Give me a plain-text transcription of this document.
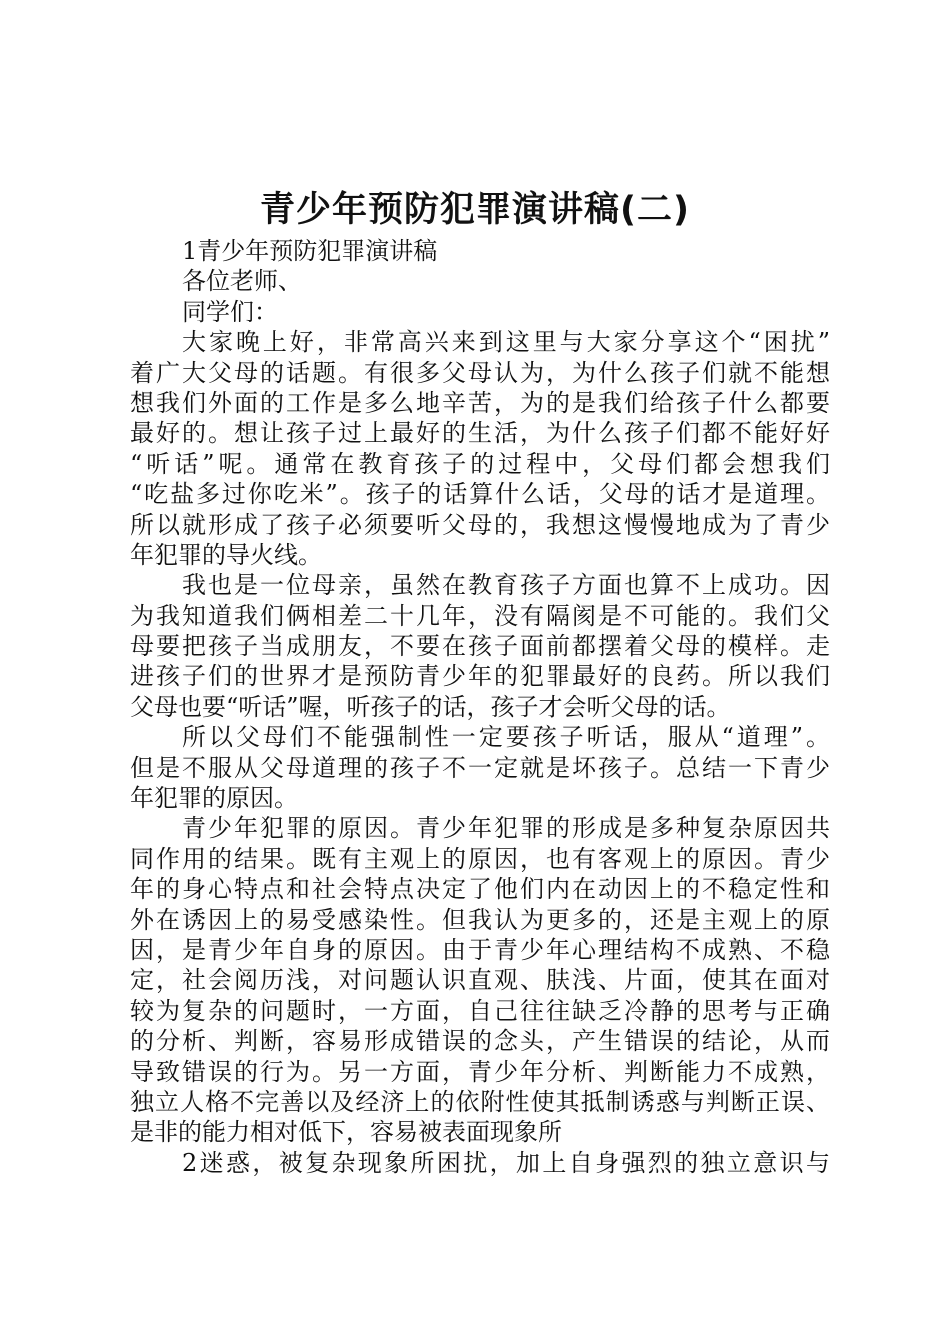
青少年预防犯罪演讲稿(二)
1青少年预防犯罪演讲稿
各位老师、
同学们：
大家晚上好，非常高兴来到这里与大家分享这个“困扰”
着广大父母的话题。有很多父母认为，为什么孩子们就不能想
想我们外面的工作是多么地辛苦，为的是我们给孩子什么都要
最好的。想让孩子过上最好的生活，为什么孩子们都不能好好
“听话”呢。通常在教育孩子的过程中，父母们都会想我们
“吃盐多过你吃米”。孩子的话算什么话，父母的话才是道理。
所以就形成了孩子必须要听父母的，我想这慢慢地成为了青少
年犯罪的导火线。
我也是一位母亲，虽然在教育孩子方面也算不上成功。因
为我知道我们俩相差二十几年，没有隔阂是不可能的。我们父
母要把孩子当成朋友，不要在孩子面前都摆着父母的模样。走
进孩子们的世界才是预防青少年的犯罪最好的良药。所以我们
父母也要“听话”喔，听孩子的话，孩子才会听父母的话。
所以父母们不能强制性一定要孩子听话，服从“道理”。
但是不服从父母道理的孩子不一定就是坏孩子。总结一下青少
年犯罪的原因。
青少年犯罪的原因。青少年犯罪的形成是多种复杂原因共
同作用的结果。既有主观上的原因，也有客观上的原因。青少
年的身心特点和社会特点决定了他们内在动因上的不稳定性和
外在诱因上的易受感染性。但我认为更多的，还是主观上的原
因，是青少年自身的原因。由于青少年心理结构不成熟、不稳
定，社会阅历浅，对问题认识直观、肤浅、片面，使其在面对
较为复杂的问题时，一方面，自己往往缺乏冷静的思考与正确
的分析、判断，容易形成错误的念头，产生错误的结论，从而
导致错误的行为。另一方面，青少年分析、判断能力不成熟，
独立人格不完善以及经济上的依附性使其抵制诱惑与判断正误、
是非的能力相对低下，容易被表面现象所
2迷惑，被复杂现象所困扰，加上自身强烈的独立意识与
